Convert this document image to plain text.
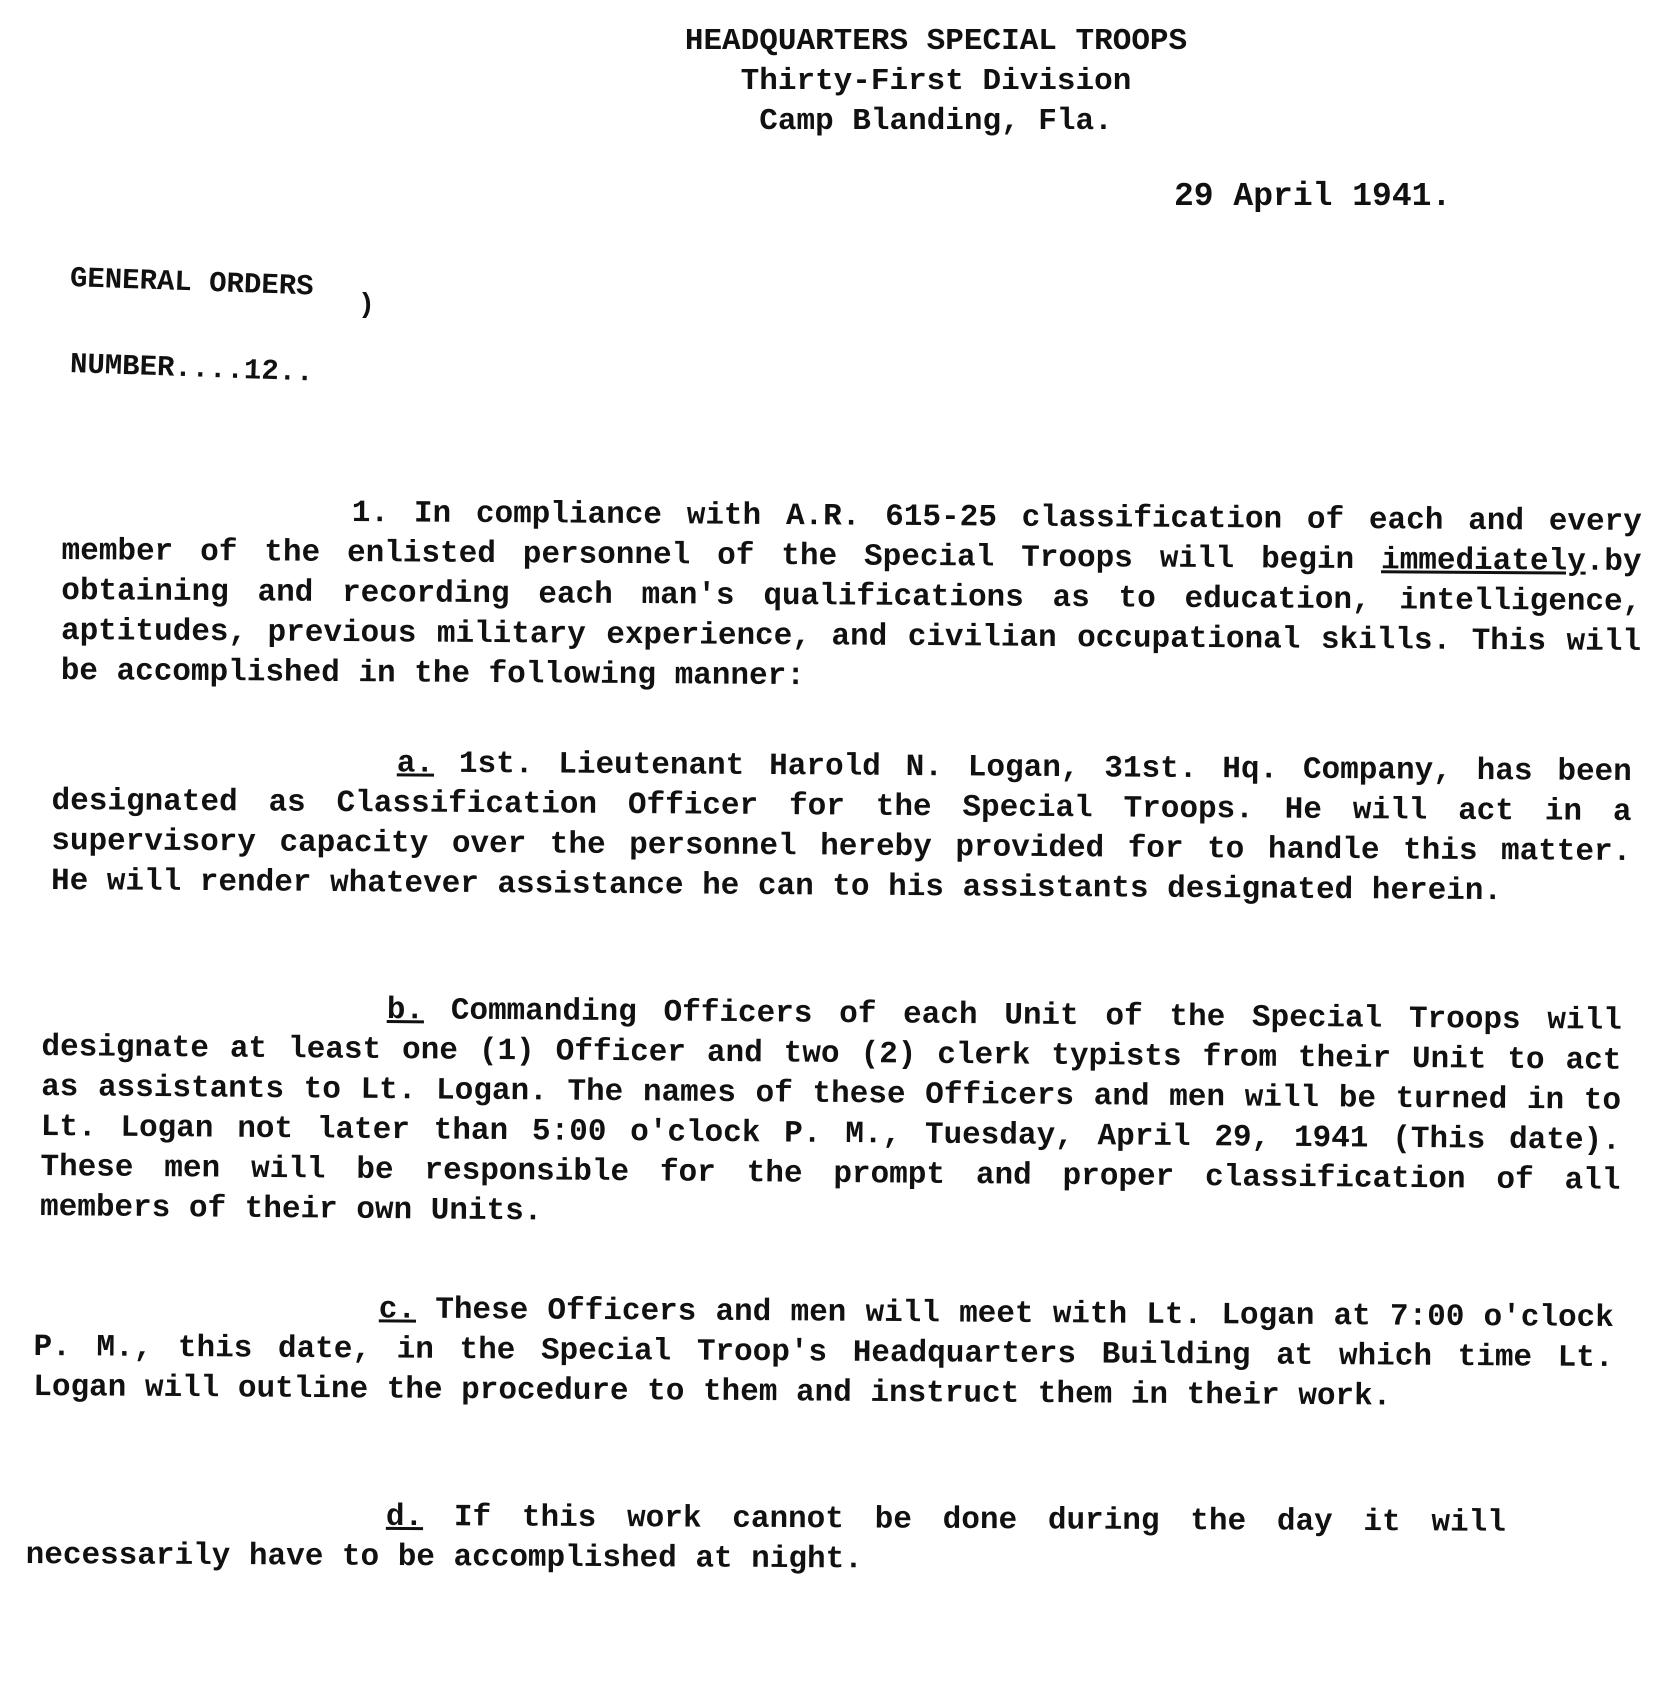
HEADQUARTERS SPECIAL TROOPS
Thirty-First Division
Camp Blanding, Fla.
29 April 1941.
GENERAL ORDERS
NUMBER....12..
)
1. In compliance with A.R. 615-25 classification of each and every member of the enlisted personnel of the Special Troops will begin immediately.by obtaining and recording each man's qualifications as to education, intelligence, aptitudes, previous military experience, and civilian occupational skills. This will be accomplished in the following manner:
a. 1st. Lieutenant Harold N. Logan, 31st. Hq. Company, has been designated as Classification Officer for the Special Troops. He will act in a supervisory capacity over the personnel hereby provided for to handle this matter. He will render whatever assistance he can to his assistants designated herein.
b. Commanding Officers of each Unit of the Special Troops will designate at least one (1) Officer and two (2) clerk typists from their Unit to act as assistants to Lt. Logan. The names of these Officers and men will be turned in to Lt. Logan not later than 5:00 o'clock P. M., Tuesday, April 29, 1941 (This date). These men will be responsible for the prompt and proper classification of all members of their own Units.
c. These Officers and men will meet with Lt. Logan at 7:00 o'clock P. M., this date, in the Special Troop's Headquarters Building at which time Lt. Logan will outline the procedure to them and instruct them in their work.
d. If this work cannot be done during the day it will necessarily have to be accomplished at night.
